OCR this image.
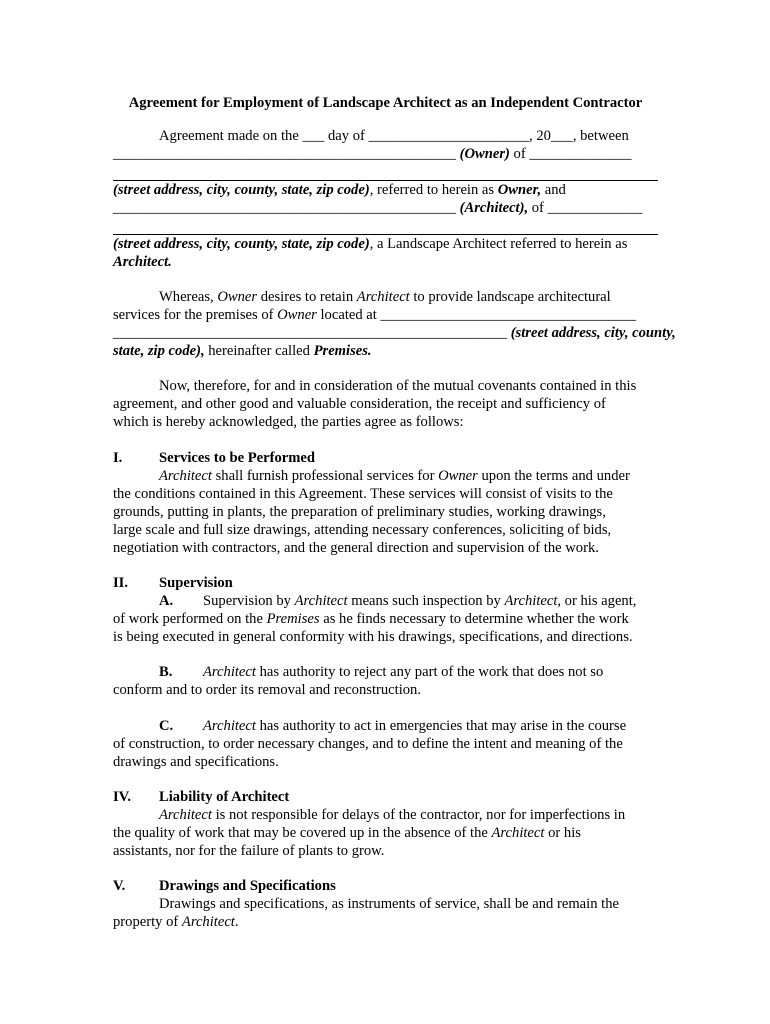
Agreement for Employment of Landscape Architect as an Independent Contractor
Agreement made on the ___ day of ______________________, 20___, between
_______________________________________________ (Owner) of ______________
(street address, city, county, state, zip code), referred to herein as Owner, and
_______________________________________________ (Architect), of _____________
(street address, city, county, state, zip code), a Landscape Architect referred to herein as
Architect.
Whereas, Owner desires to retain Architect to provide landscape architectural
services for the premises of Owner located at ___________________________________
______________________________________________________ (street address, city, county,
state, zip code), hereinafter called Premises.
Now, therefore, for and in consideration of the mutual covenants contained in this
agreement, and other good and valuable consideration, the receipt and sufficiency of
which is hereby acknowledged, the parties agree as follows:
I.	Services to be Performed
Architect shall furnish professional services for Owner upon the terms and under
the conditions contained in this Agreement. These services will consist of visits to the
grounds, putting in plants, the preparation of preliminary studies, working drawings,
large scale and full size drawings, attending necessary conferences, soliciting of bids,
negotiation with contractors, and the general direction and supervision of the work.
II. Supervision
A. Supervision by Architect means such inspection by Architect, or his agent,
of work performed on the Premises as he finds necessary to determine whether the work
is being executed in general conformity with his drawings, specifications, and directions.
B. Architect has authority to reject any part of the work that does not so
conform and to order its removal and reconstruction.
C. Architect has authority to act in emergencies that may arise in the course
of construction, to order necessary changes, and to define the intent and meaning of the
drawings and specifications.
IV. Liability of Architect
Architect is not responsible for delays of the contractor, nor for imperfections in
the quality of work that may be covered up in the absence of the Architect or his
assistants, nor for the failure of plants to grow.
V. Drawings and Specifications
Drawings and specifications, as instruments of service, shall be and remain the
property of Architect.
